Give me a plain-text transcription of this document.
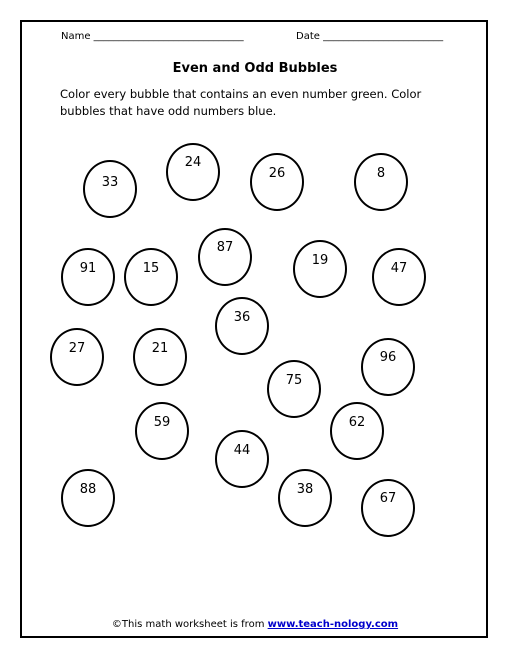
Name ______________________________	Date ________________________
Even and Odd Bubbles
Color every bubble that contains an even number green. Color bubbles that have odd numbers blue.
33
24
26	8
91	15
87
19
47
36
27	21
96
75
59	62
44
88	38
67
©This math worksheet is from www.teach-nology.com
